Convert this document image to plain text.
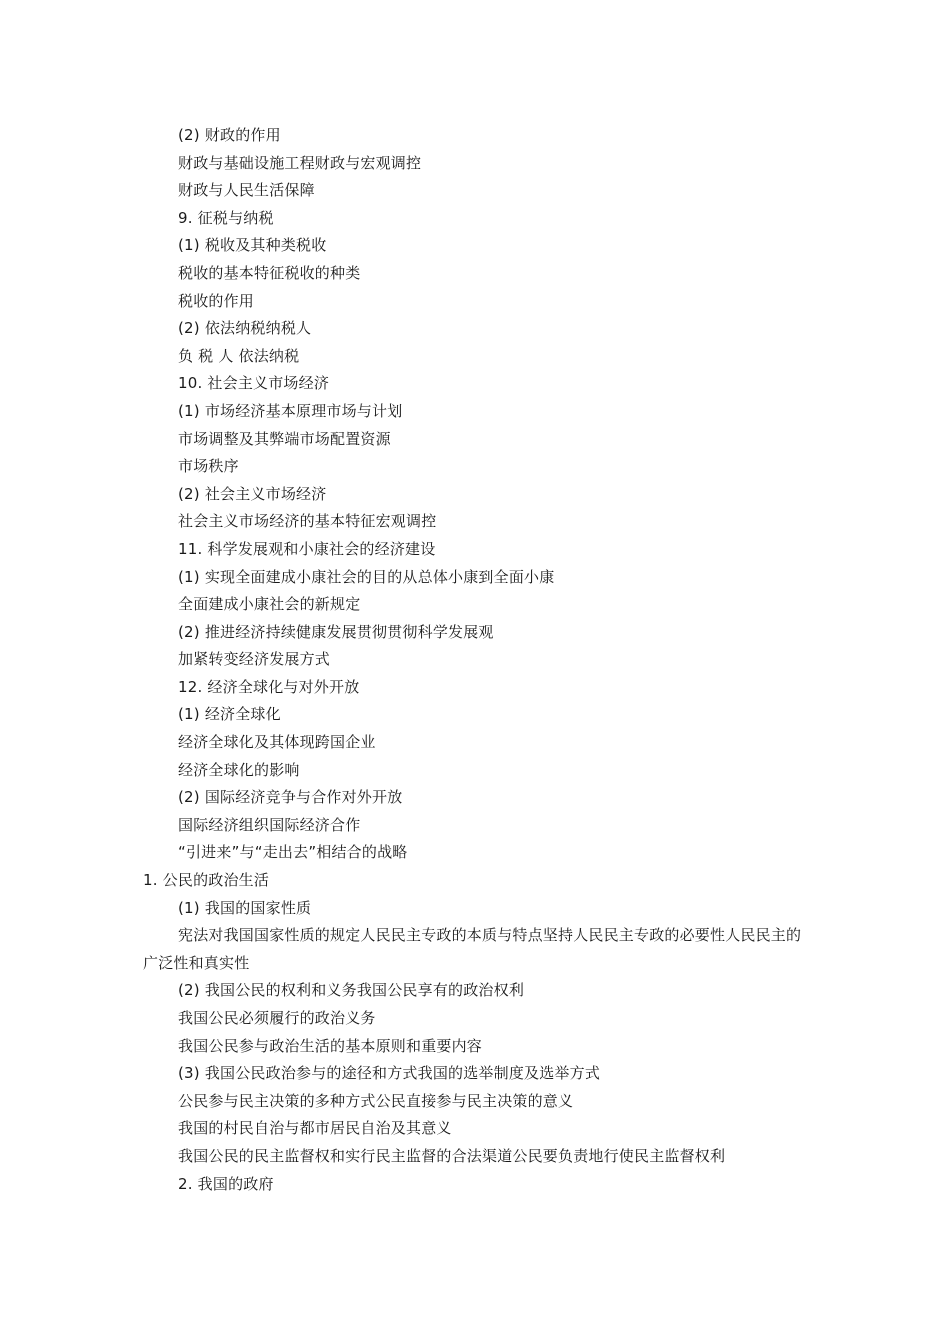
(2) 财政的作用
财政与基础设施工程财政与宏观调控
财政与人民生活保障
9. 征税与纳税
(1) 税收及其种类税收
税收的基本特征税收的种类
税收的作用
(2) 依法纳税纳税人
负 税 人 依法纳税
10. 社会主义市场经济
(1) 市场经济基本原理市场与计划
市场调整及其弊端市场配置资源
市场秩序
(2) 社会主义市场经济
社会主义市场经济的基本特征宏观调控
11. 科学发展观和小康社会的经济建设
(1) 实现全面建成小康社会的目的从总体小康到全面小康
全面建成小康社会的新规定
(2) 推进经济持续健康发展贯彻贯彻科学发展观
加紧转变经济发展方式
12. 经济全球化与对外开放
(1) 经济全球化
经济全球化及其体现跨国企业
经济全球化的影响
(2) 国际经济竞争与合作对外开放
国际经济组织国际经济合作
“引进来”与“走出去”相结合的战略
1. 公民的政治生活
(1) 我国的国家性质
宪法对我国国家性质的规定人民民主专政的本质与特点坚持人民民主专政的必要性人民民主的广泛性和真实性
(2) 我国公民的权利和义务我国公民享有的政治权利
我国公民必须履行的政治义务
我国公民参与政治生活的基本原则和重要内容
(3) 我国公民政治参与的途径和方式我国的选举制度及选举方式
公民参与民主决策的多种方式公民直接参与民主决策的意义
我国的村民自治与都市居民自治及其意义
我国公民的民主监督权和实行民主监督的合法渠道公民要负责地行使民主监督权利
2. 我国的政府
